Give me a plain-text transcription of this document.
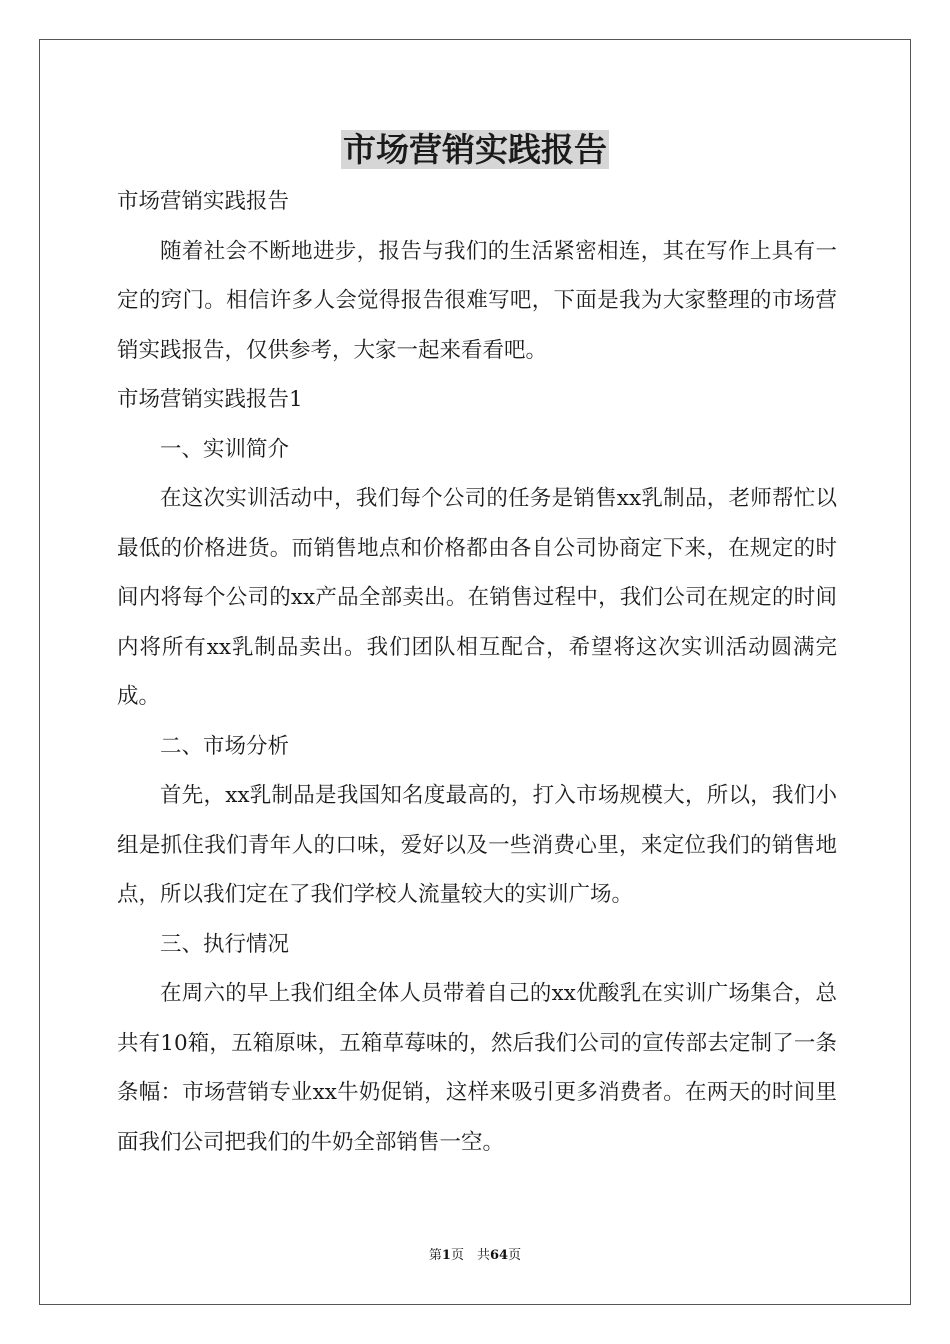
市场营销实践报告

市场营销实践报告

随着社会不断地进步，报告与我们的生活紧密相连，其在写作上具有一定的窍门。相信许多人会觉得报告很难写吧，下面是我为大家整理的市场营销实践报告，仅供参考，大家一起来看看吧。

市场营销实践报告1

一、实训简介

在这次实训活动中，我们每个公司的任务是销售xx乳制品，老师帮忙以最低的价格进货。而销售地点和价格都由各自公司协商定下来，在规定的时间内将每个公司的xx产品全部卖出。在销售过程中，我们公司在规定的时间内将所有xx乳制品卖出。我们团队相互配合，希望将这次实训活动圆满完成。

二、市场分析

首先，xx乳制品是我国知名度最高的，打入市场规模大，所以，我们小组是抓住我们青年人的口味，爱好以及一些消费心里，来定位我们的销售地点，所以我们定在了我们学校人流量较大的实训广场。

三、执行情况

在周六的早上我们组全体人员带着自己的xx优酸乳在实训广场集合，总共有10箱，五箱原味，五箱草莓味的，然后我们公司的宣传部去定制了一条条幅：市场营销专业xx牛奶促销，这样来吸引更多消费者。在两天的时间里面我们公司把我们的牛奶全部销售一空。

第1页　共64页
